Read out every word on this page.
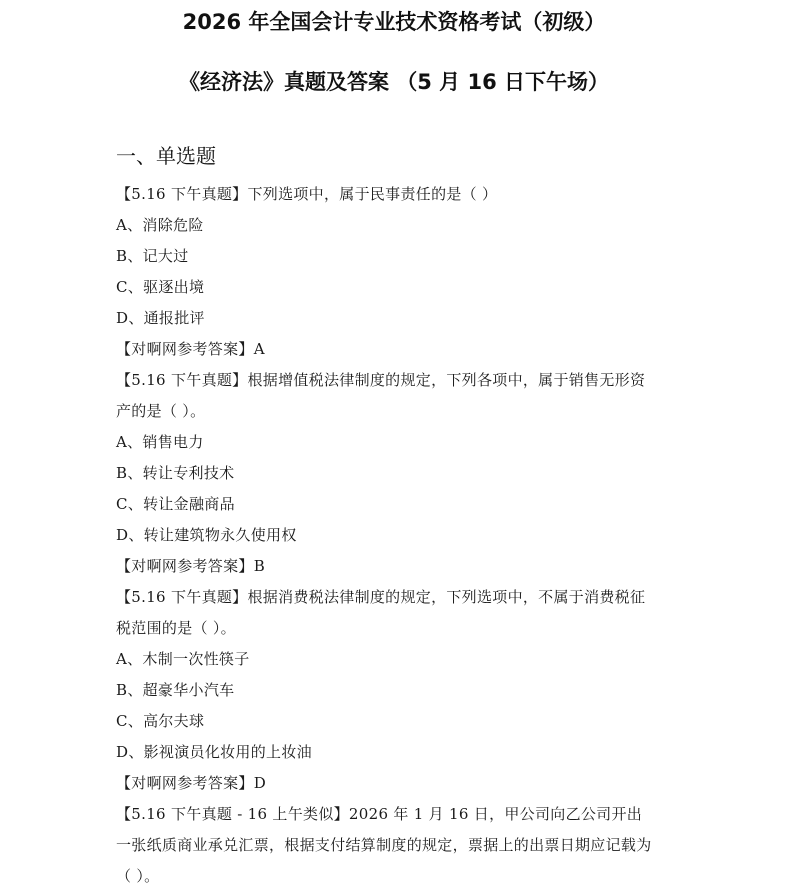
2026 年全国会计专业技术资格考试（初级）
《经济法》真题及答案 （5 月 16 日下午场）
一、单选题
【5.16 下午真题】下列选项中，属于民事责任的是（ ）
A、消除危险
B、记大过
C、驱逐出境
D、通报批评
【对啊网参考答案】A
【5.16 下午真题】根据增值税法律制度的规定，下列各项中，属于销售无形资
产的是（ ）。
A、销售电力
B、转让专利技术
C、转让金融商品
D、转让建筑物永久使用权
【对啊网参考答案】B
【5.16 下午真题】根据消费税法律制度的规定，下列选项中，不属于消费税征
税范围的是（ ）。
A、木制一次性筷子
B、超豪华小汽车
C、高尔夫球
D、影视演员化妆用的上妆油
【对啊网参考答案】D
【5.16 下午真题 - 16 上午类似】2026 年 1 月 16 日，甲公司向乙公司开出
一张纸质商业承兑汇票，根据支付结算制度的规定，票据上的出票日期应记载为
（ ）。
